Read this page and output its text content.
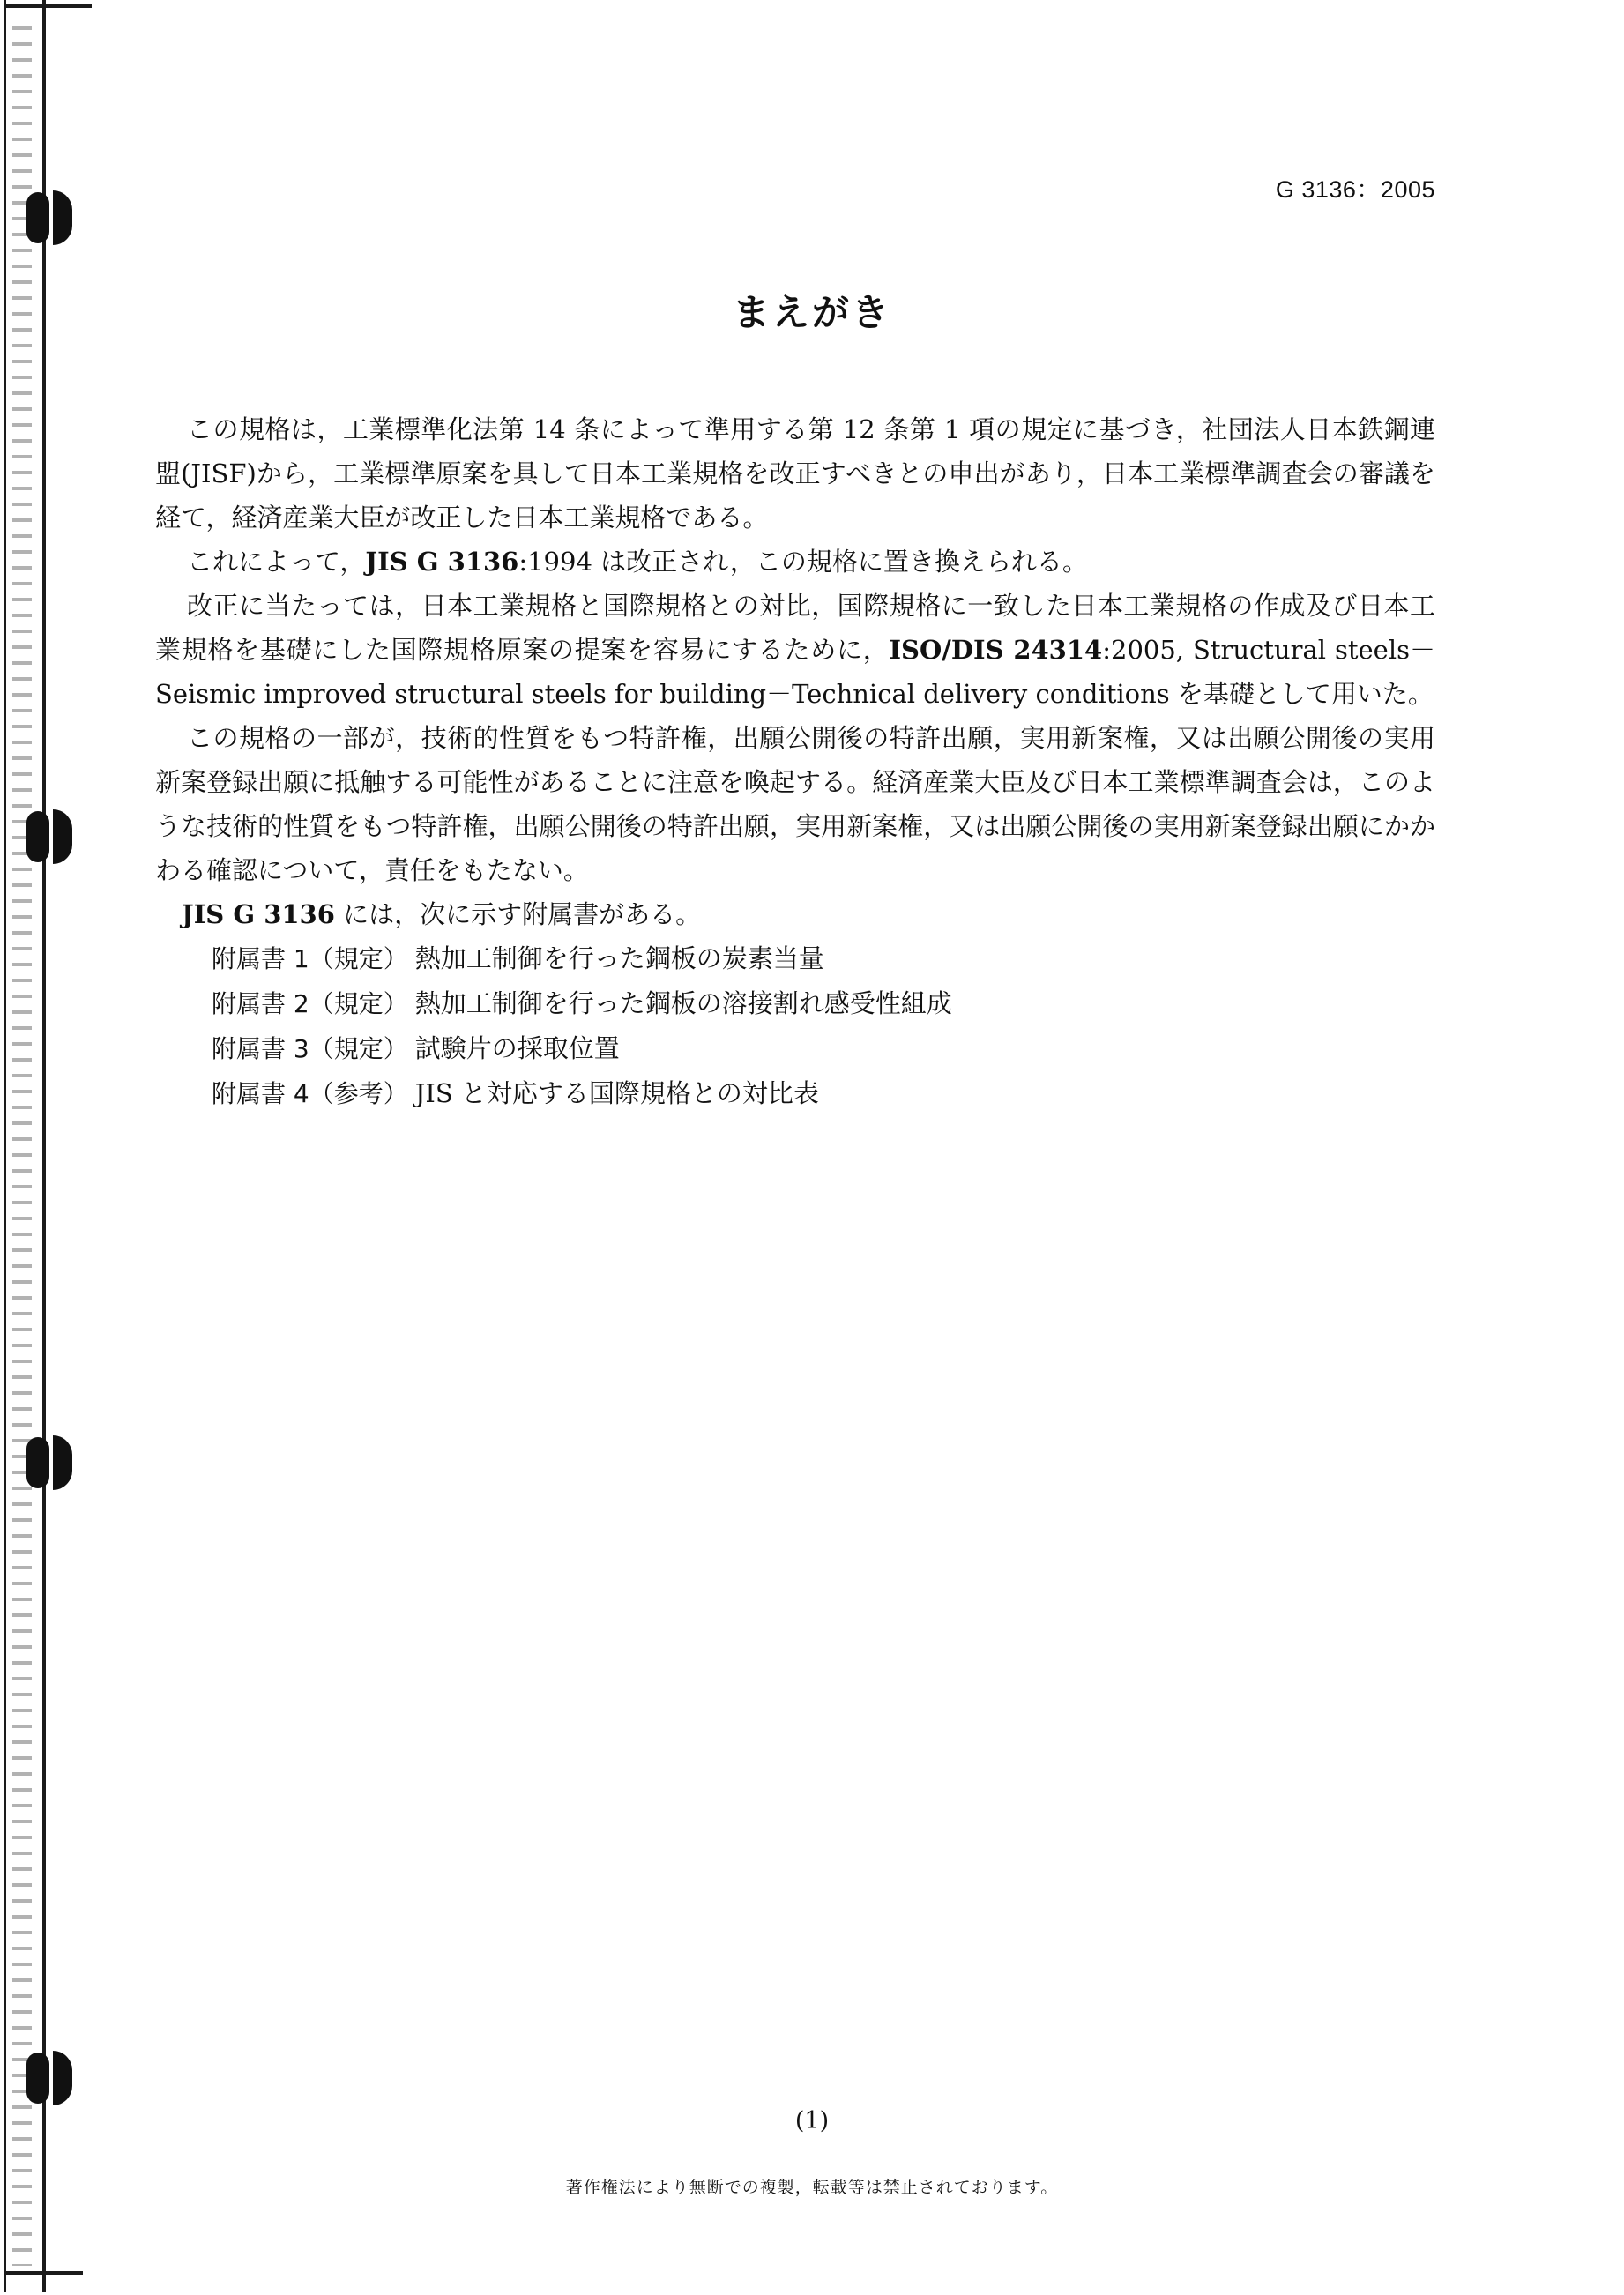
G 3136：2005
まえがき

この規格は，工業標準化法第 14 条によって準用する第 12 条第 1 項の規定に基づき，社団法人日本鉄鋼連盟(JISF)から，工業標準原案を具して日本工業規格を改正すべきとの申出があり，日本工業標準調査会の審議を経て，経済産業大臣が改正した日本工業規格である。

これによって，JIS G 3136:1994 は改正され，この規格に置き換えられる。

改正に当たっては，日本工業規格と国際規格との対比，国際規格に一致した日本工業規格の作成及び日本工業規格を基礎にした国際規格原案の提案を容易にするために，ISO/DIS 24314:2005, Structural steels－Seismic improved structural steels for building－Technical delivery conditions を基礎として用いた。

この規格の一部が，技術的性質をもつ特許権，出願公開後の特許出願，実用新案権，又は出願公開後の実用新案登録出願に抵触する可能性があることに注意を喚起する。経済産業大臣及び日本工業標準調査会は，このような技術的性質をもつ特許権，出願公開後の特許出願，実用新案権，又は出願公開後の実用新案登録出願にかかわる確認について，責任をもたない。

JIS G 3136 には，次に示す附属書がある。

附属書 1（規定） 熱加工制御を行った鋼板の炭素当量
附属書 2（規定） 熱加工制御を行った鋼板の溶接割れ感受性組成
附属書 3（規定） 試験片の採取位置
附属書 4（参考） JIS と対応する国際規格との対比表
(1)
著作権法により無断での複製，転載等は禁止されております。
